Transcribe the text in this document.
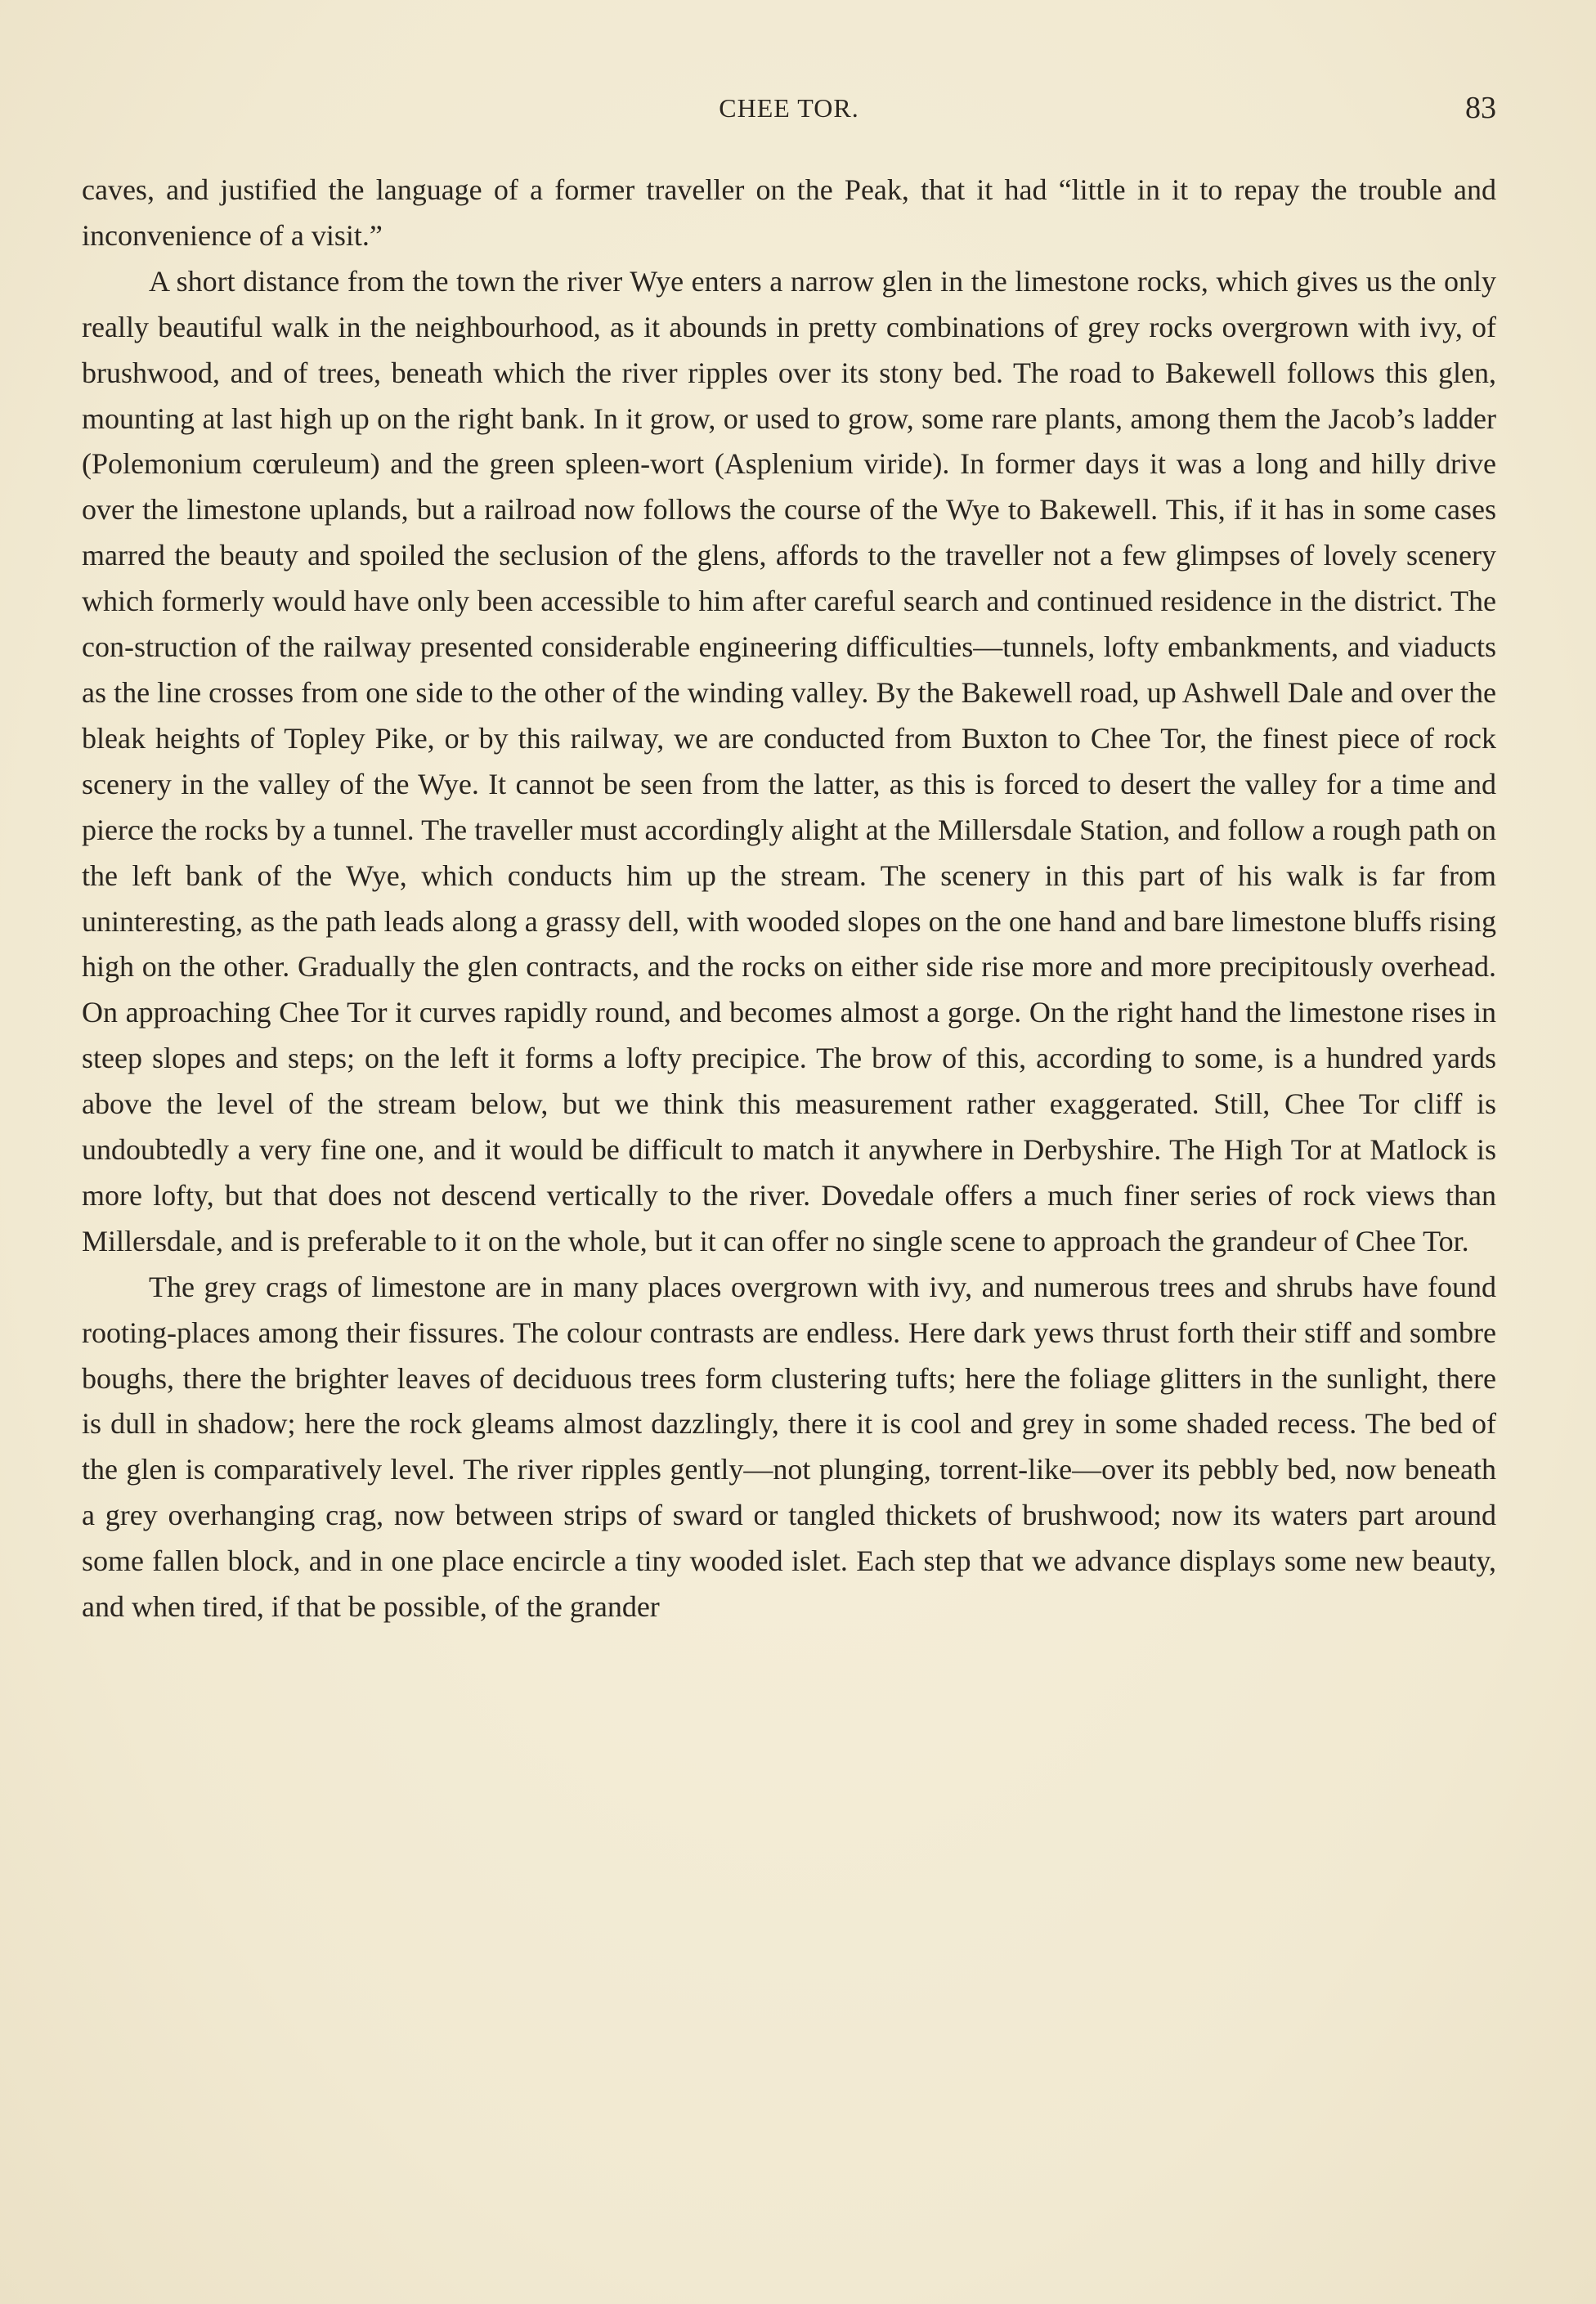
CHEE TOR.	83

caves, and justified the language of a former traveller on the Peak, that it had “little in it to repay the trouble and inconvenience of a visit.”

A short distance from the town the river Wye enters a narrow glen in the limestone rocks, which gives us the only really beautiful walk in the neighbourhood, as it abounds in pretty combinations of grey rocks overgrown with ivy, of brushwood, and of trees, beneath which the river ripples over its stony bed. The road to Bakewell follows this glen, mounting at last high up on the right bank. In it grow, or used to grow, some rare plants, among them the Jacob’s ladder (Polemonium cœruleum) and the green spleen-wort (Asplenium viride). In former days it was a long and hilly drive over the limestone uplands, but a railroad now follows the course of the Wye to Bakewell. This, if it has in some cases marred the beauty and spoiled the seclusion of the glens, affords to the traveller not a few glimpses of lovely scenery which formerly would have only been accessible to him after careful search and continued residence in the district. The con-struction of the railway presented considerable engineering difficulties—tunnels, lofty embankments, and viaducts as the line crosses from one side to the other of the winding valley. By the Bakewell road, up Ashwell Dale and over the bleak heights of Topley Pike, or by this railway, we are conducted from Buxton to Chee Tor, the finest piece of rock scenery in the valley of the Wye. It cannot be seen from the latter, as this is forced to desert the valley for a time and pierce the rocks by a tunnel. The traveller must accordingly alight at the Millersdale Station, and follow a rough path on the left bank of the Wye, which conducts him up the stream. The scenery in this part of his walk is far from uninteresting, as the path leads along a grassy dell, with wooded slopes on the one hand and bare limestone bluffs rising high on the other. Gradually the glen contracts, and the rocks on either side rise more and more precipitously overhead. On approaching Chee Tor it curves rapidly round, and becomes almost a gorge. On the right hand the limestone rises in steep slopes and steps; on the left it forms a lofty precipice. The brow of this, according to some, is a hundred yards above the level of the stream below, but we think this measurement rather exaggerated. Still, Chee Tor cliff is undoubtedly a very fine one, and it would be difficult to match it anywhere in Derbyshire. The High Tor at Matlock is more lofty, but that does not descend vertically to the river. Dovedale offers a much finer series of rock views than Millersdale, and is preferable to it on the whole, but it can offer no single scene to approach the grandeur of Chee Tor.

The grey crags of limestone are in many places overgrown with ivy, and numerous trees and shrubs have found rooting-places among their fissures. The colour contrasts are endless. Here dark yews thrust forth their stiff and sombre boughs, there the brighter leaves of deciduous trees form clustering tufts; here the foliage glitters in the sunlight, there is dull in shadow; here the rock gleams almost dazzlingly, there it is cool and grey in some shaded recess. The bed of the glen is comparatively level. The river ripples gently—not plunging, torrent-like—over its pebbly bed, now beneath a grey overhanging crag, now between strips of sward or tangled thickets of brushwood; now its waters part around some fallen block, and in one place encircle a tiny wooded islet. Each step that we advance displays some new beauty, and when tired, if that be possible, of the grander
